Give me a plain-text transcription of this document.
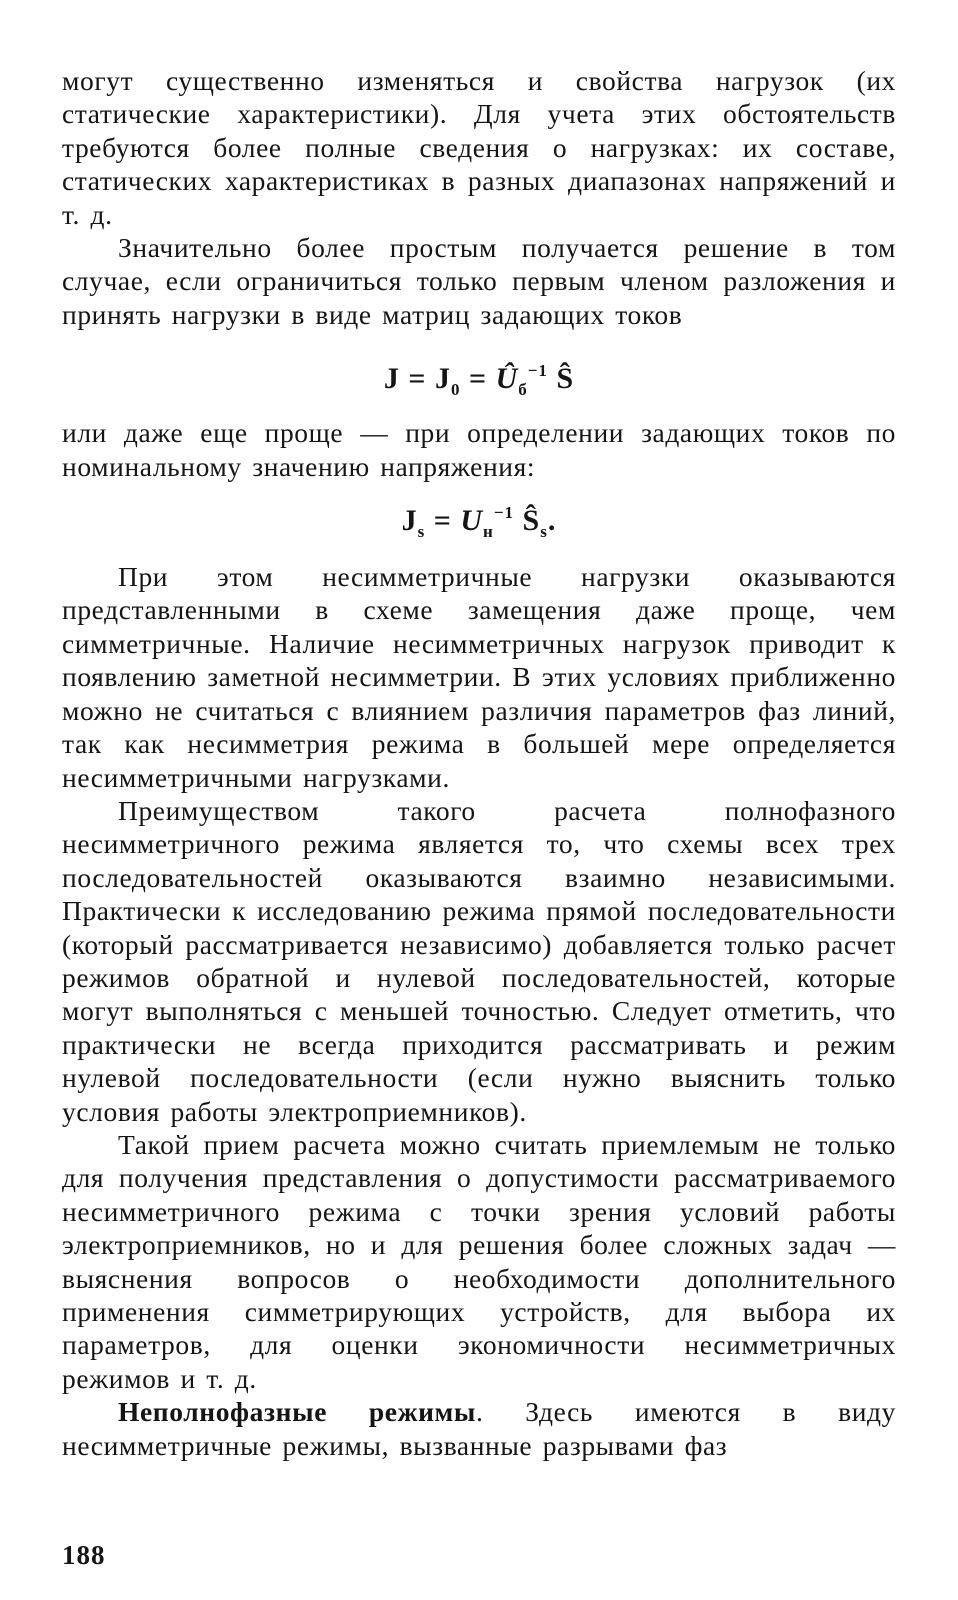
могут существенно изменяться и свойства нагрузок (их статические характеристики). Для учета этих обстоятельств требуются более полные сведения о нагрузках: их составе, статических характеристиках в разных диапазонах напряжений и т. д.

Значительно более простым получается решение в том случае, если ограничиться только первым членом разложения и принять нагрузки в виде матриц задающих токов

$J = J_0$ = $Û_б^{-1}$ Ŝ

или даже еще проще — при определении задающих токов по номинальному значению напряжения:

$J_s = U_н^{-1}$ $Ŝ_s$.

При этом несимметричные нагрузки оказываются представленными в схеме замещения даже проще, чем симметричные. Наличие несимметричных нагрузок приводит к появлению заметной несимметрии. В этих условиях приближенно можно не считаться с влиянием различия параметров фаз линий, так как несимметрия режима в большей мере определяется несимметричными нагрузками.

Преимуществом такого расчета полнофазного несимметричного режима является то, что схемы всех трех последовательностей оказываются взаимно независимыми. Практически к исследованию режима прямой последовательности (который рассматривается независимо) добавляется только расчет режимов обратной и нулевой последовательностей, которые могут выполняться с меньшей точностью. Следует отметить, что практически не всегда приходится рассматривать и режим нулевой последовательности (если нужно выяснить только условия работы электроприемников).

Такой прием расчета можно считать приемлемым не только для получения представления о допустимости рассматриваемого несимметричного режима с точки зрения условий работы электроприемников, но и для решения более сложных задач — выяснения вопросов о необходимости дополнительного применения симметрирующих устройств, для выбора их параметров, для оценки экономичности несимметричных режимов и т. д.

Неполнофазные режимы. Здесь имеются в виду несимметричные режимы, вызванные разрывами фаз

188
